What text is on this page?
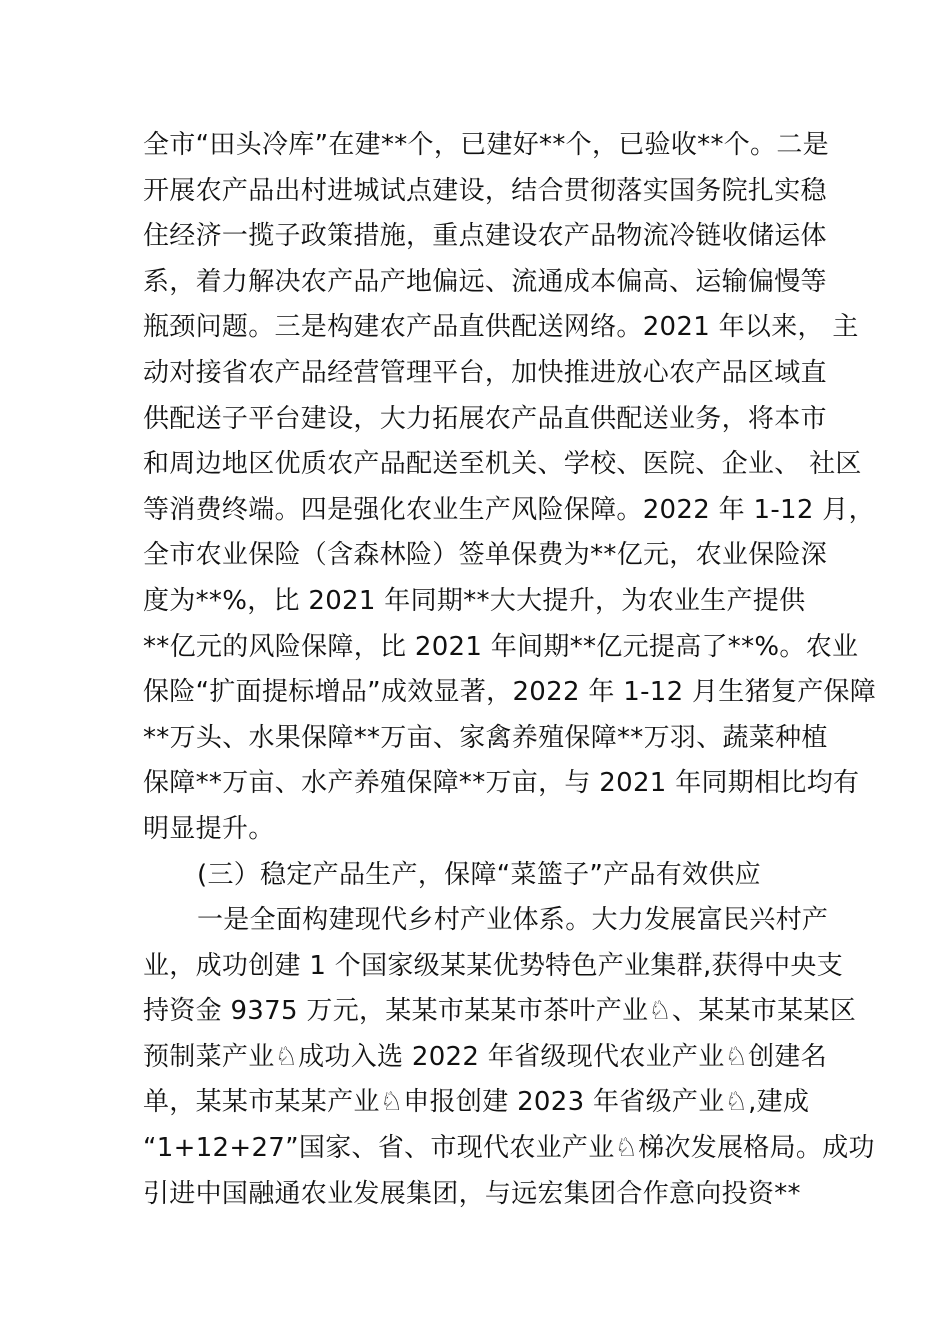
全市“田头冷库”在建**个，已建好**个，已验收**个。二是
开展农产品出村进城试点建设，结合贯彻落实国务院扎实稳
住经济一揽子政策措施，重点建设农产品物流冷链收储运体
系，着力解决农产品产地偏远、流通成本偏高、运输偏慢等
瓶颈问题。三是构建农产品直供配送网络。2021 年以来， 主
动对接省农产品经营管理平台，加快推进放心农产品区域直
供配送子平台建设，大力拓展农产品直供配送业务，将本市
和周边地区优质农产品配送至机关、学校、医院、企业、 社区
等消费终端。四是强化农业生产风险保障。2022 年 1-12 月，
全市农业保险（含森林险）签单保费为**亿元，农业保险深
度为**%，比 2021 年同期**大大提升，为农业生产提供
**亿元的风险保障，比 2021 年间期**亿元提高了**%。农业
保险“扩面提标增品”成效显著，2022 年 1-12 月生猪复产保障
**万头、水果保障**万亩、家禽养殖保障**万羽、蔬菜种植
保障**万亩、水产养殖保障**万亩，与 2021 年同期相比均有
明显提升。
(三）稳定产品生产，保障“菜篮子”产品有效供应
一是全面构建现代乡村产业体系。大力发展富民兴村产
业，成功创建 1 个国家级某某优势特色产业集群,获得中央支
持资金 9375 万元，某某市某某市茶叶产业♘、某某市某某区
预制菜产业♘成功入选 2022 年省级现代农业产业♘创建名
单，某某市某某产业♘申报创建 2023 年省级产业♘,建成
“1+12+27”国家、省、市现代农业产业♘梯次发展格局。成功
引进中国融通农业发展集团，与远宏集团合作意向投资**
